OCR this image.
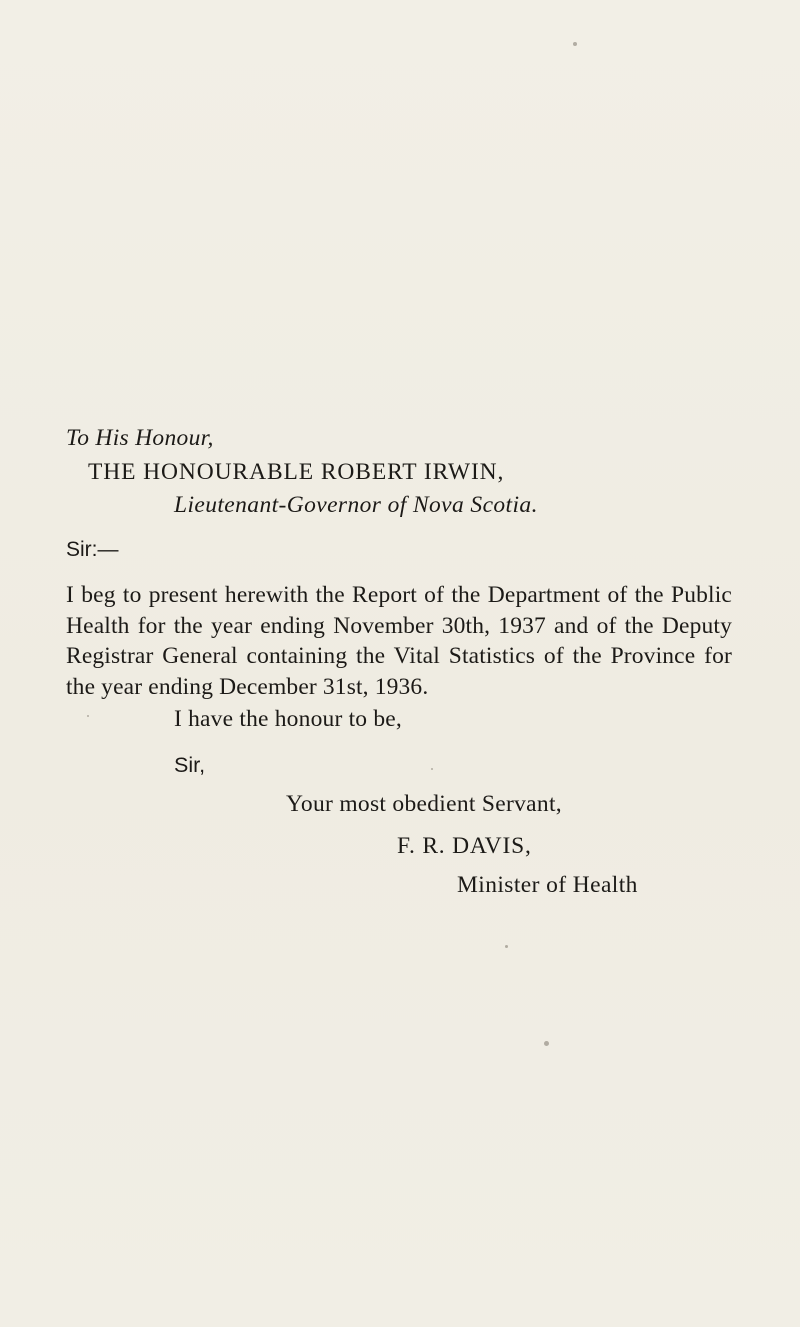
To His Honour,
THE HONOURABLE ROBERT IRWIN,
Lieutenant-Governor of Nova Scotia.
Sir:—
I beg to present herewith the Report of the Department of the Public Health for the year ending November 30th, 1937 and of the Deputy Registrar General containing the Vital Statistics of the Province for the year ending December 31st, 1936.
I have the honour to be,
Sir,
Your most obedient Servant,
F. R. DAVIS,
Minister of Health
